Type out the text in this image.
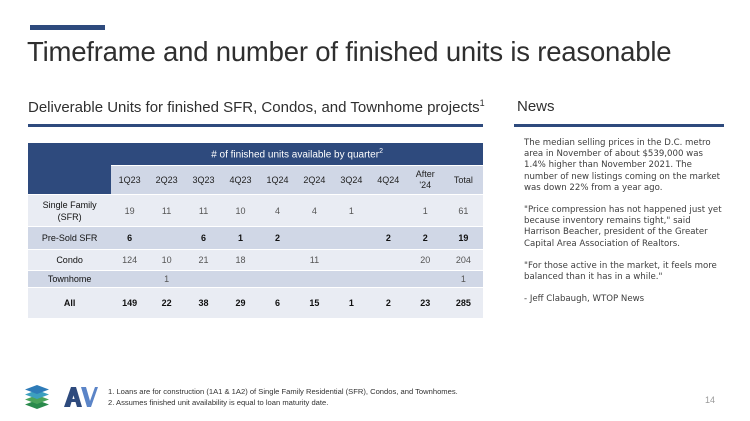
Timeframe and number of finished units is reasonable
Deliverable Units for finished SFR, Condos, and Townhome projects$^1$ News
	# of finished units available by quarter$^2$
	1Q23	2Q23	3Q23	4Q23	1Q24	2Q24	3Q24	4Q24	After '24	Total
Single Family (SFR)	19	11	11	10	4	4	1		1	61
Pre-Sold SFR	6		6	1	2			2	2	19
Condo	124	10	21	18		11			20	204
Townhome		1								1
All	149	22	38	29	6	15	1	2	23	285

The median selling prices in the D.C. metro area in November of about $539,000 was 1.4% higher than November 2021. The number of new listings coming on the market was down 22% from a year ago.

"Price compression has not happened just yet because inventory remains tight," said Harrison Beacher, president of the Greater Capital Area Association of Realtors.

"For those active in the market, it feels more balanced than it has in a while."

- Jeff Clabaugh, WTOP News

1. Loans are for construction (1A1 & 1A2) of Single Family Residential (SFR), Condos, and Townhomes.
2. Assumes finished unit availability is equal to loan maturity date.	14
